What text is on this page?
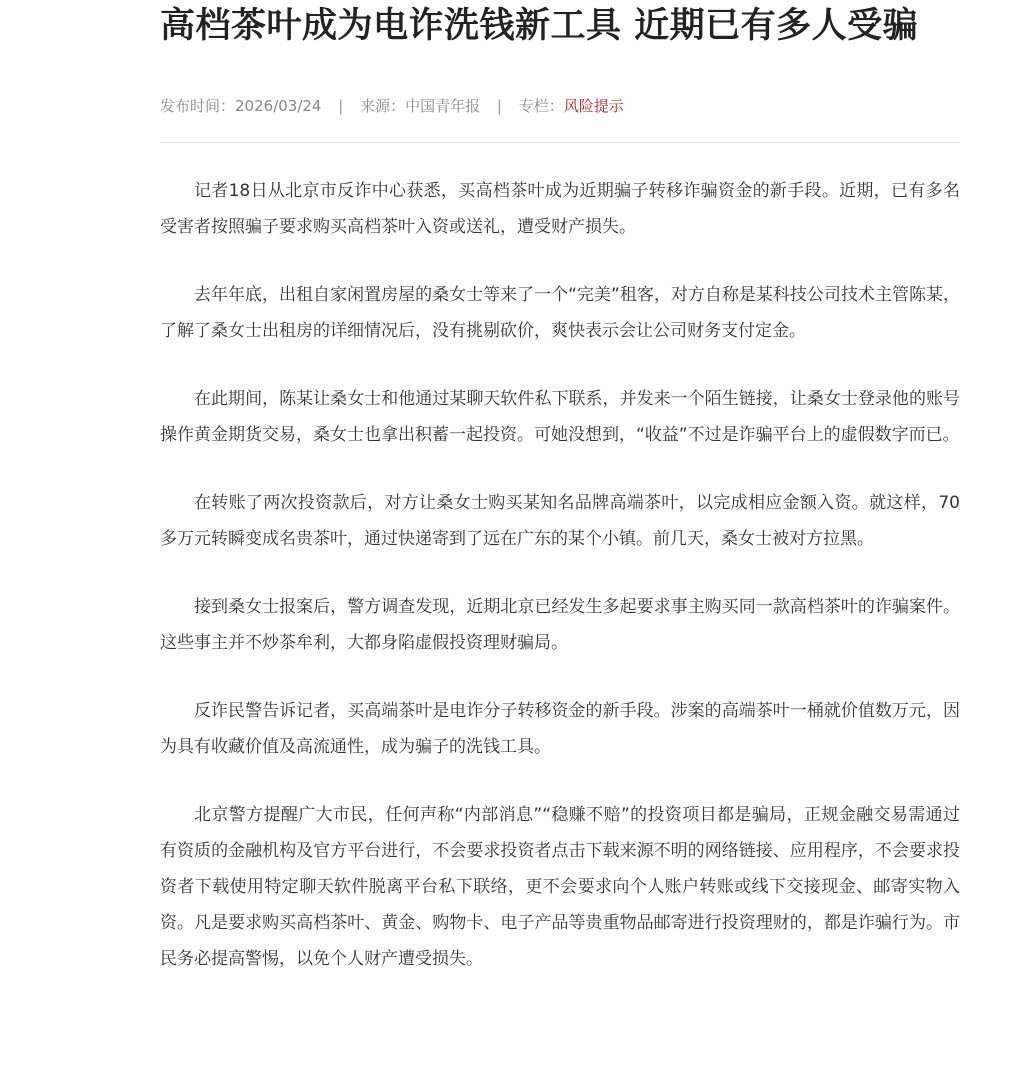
高档茶叶成为电诈洗钱新工具 近期已有多人受骗
发布时间：2026/03/24 | 来源：中国青年报 | 专栏：风险提示

记者18日从北京市反诈中心获悉，买高档茶叶成为近期骗子转移诈骗资金的新手段。近期，已有多名受害者按照骗子要求购买高档茶叶入资或送礼，遭受财产损失。

去年年底，出租自家闲置房屋的桑女士等来了一个“完美”租客，对方自称是某科技公司技术主管陈某，了解了桑女士出租房的详细情况后，没有挑剔砍价，爽快表示会让公司财务支付定金。

在此期间，陈某让桑女士和他通过某聊天软件私下联系，并发来一个陌生链接，让桑女士登录他的账号操作黄金期货交易，桑女士也拿出积蓄一起投资。可她没想到，“收益”不过是诈骗平台上的虚假数字而已。

在转账了两次投资款后，对方让桑女士购买某知名品牌高端茶叶，以完成相应金额入资。就这样，70多万元转瞬变成名贵茶叶，通过快递寄到了远在广东的某个小镇。前几天，桑女士被对方拉黑。

接到桑女士报案后，警方调查发现，近期北京已经发生多起要求事主购买同一款高档茶叶的诈骗案件。这些事主并不炒茶牟利，大都身陷虚假投资理财骗局。

反诈民警告诉记者，买高端茶叶是电诈分子转移资金的新手段。涉案的高端茶叶一桶就价值数万元，因为具有收藏价值及高流通性，成为骗子的洗钱工具。

北京警方提醒广大市民，任何声称“内部消息”“稳赚不赔”的投资项目都是骗局，正规金融交易需通过有资质的金融机构及官方平台进行，不会要求投资者点击下载来源不明的网络链接、应用程序，不会要求投资者下载使用特定聊天软件脱离平台私下联络，更不会要求向个人账户转账或线下交接现金、邮寄实物入资。凡是要求购买高档茶叶、黄金、购物卡、电子产品等贵重物品邮寄进行投资理财的，都是诈骗行为。市民务必提高警惕，以免个人财产遭受损失。
